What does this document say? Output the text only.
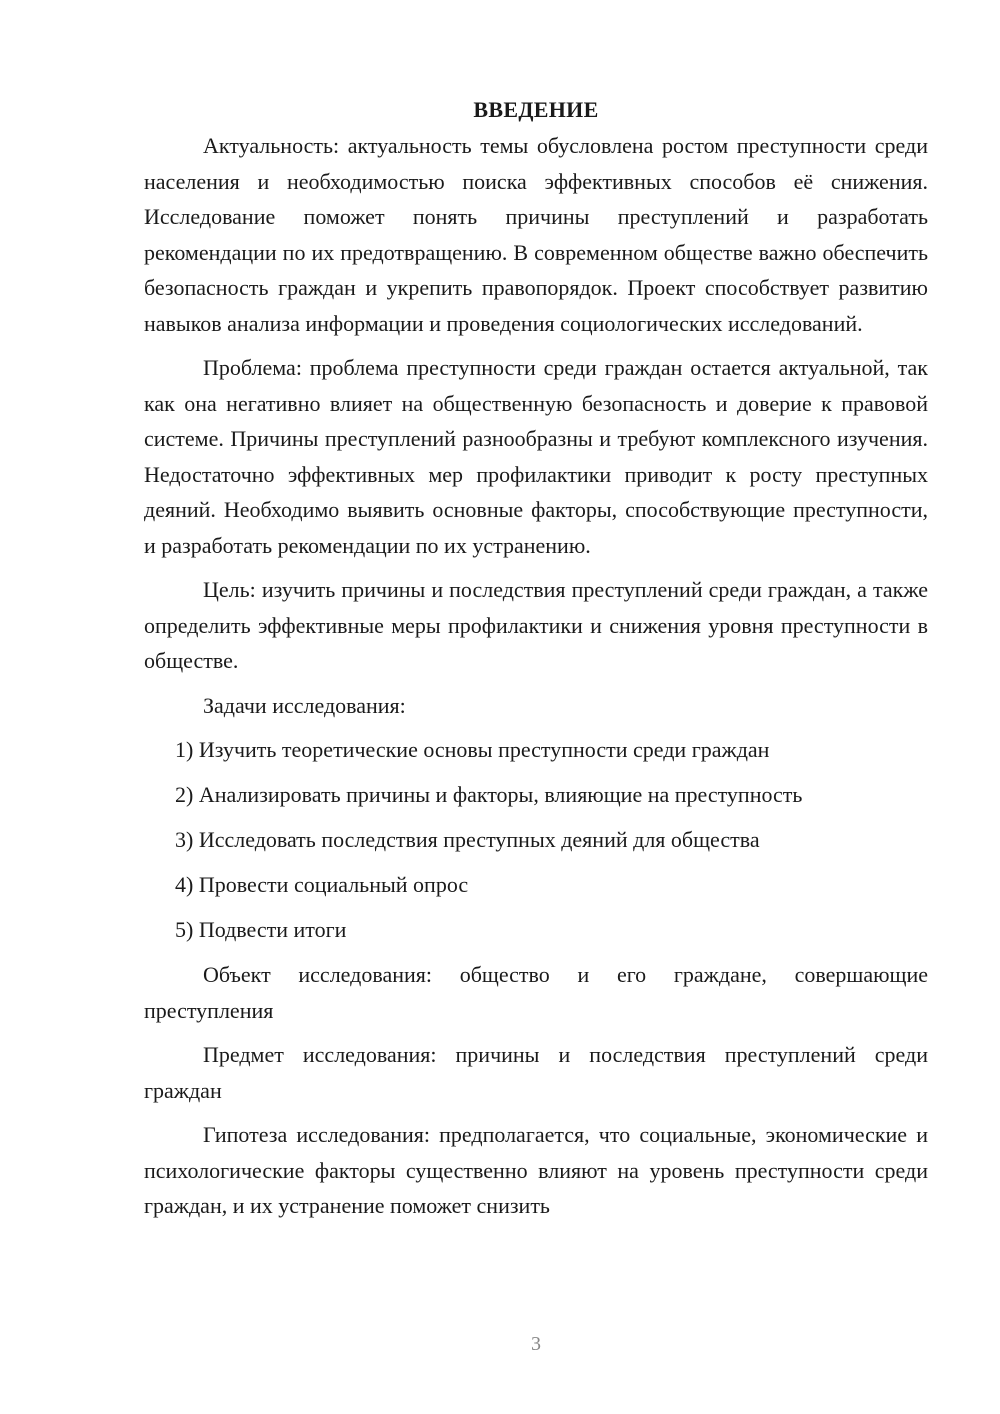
ВВЕДЕНИЕ

Актуальность: актуальность темы обусловлена ростом преступности среди населения и необходимостью поиска эффективных способов её снижения. Исследование поможет понять причины преступлений и разработать рекомендации по их предотвращению. В современном обществе важно обеспечить безопасность граждан и укрепить правопорядок. Проект способствует развитию навыков анализа информации и проведения социологических исследований.

Проблема: проблема преступности среди граждан остается актуальной, так как она негативно влияет на общественную безопасность и доверие к правовой системе. Причины преступлений разнообразны и требуют комплексного изучения. Недостаточно эффективных мер профилактики приводит к росту преступных деяний. Необходимо выявить основные факторы, способствующие преступности, и разработать рекомендации по их устранению.

Цель: изучить причины и последствия преступлений среди граждан, а также определить эффективные меры профилактики и снижения уровня преступности в обществе.

Задачи исследования:

1) Изучить теоретические основы преступности среди граждан
2) Анализировать причины и факторы, влияющие на преступность
3) Исследовать последствия преступных деяний для общества
4) Провести социальный опрос
5) Подвести итоги

Объект исследования: общество и его граждане, совершающие преступления

Предмет исследования: причины и последствия преступлений среди граждан

Гипотеза исследования: предполагается, что социальные, экономические и психологические факторы существенно влияют на уровень преступности среди граждан, и их устранение поможет снизить

3
